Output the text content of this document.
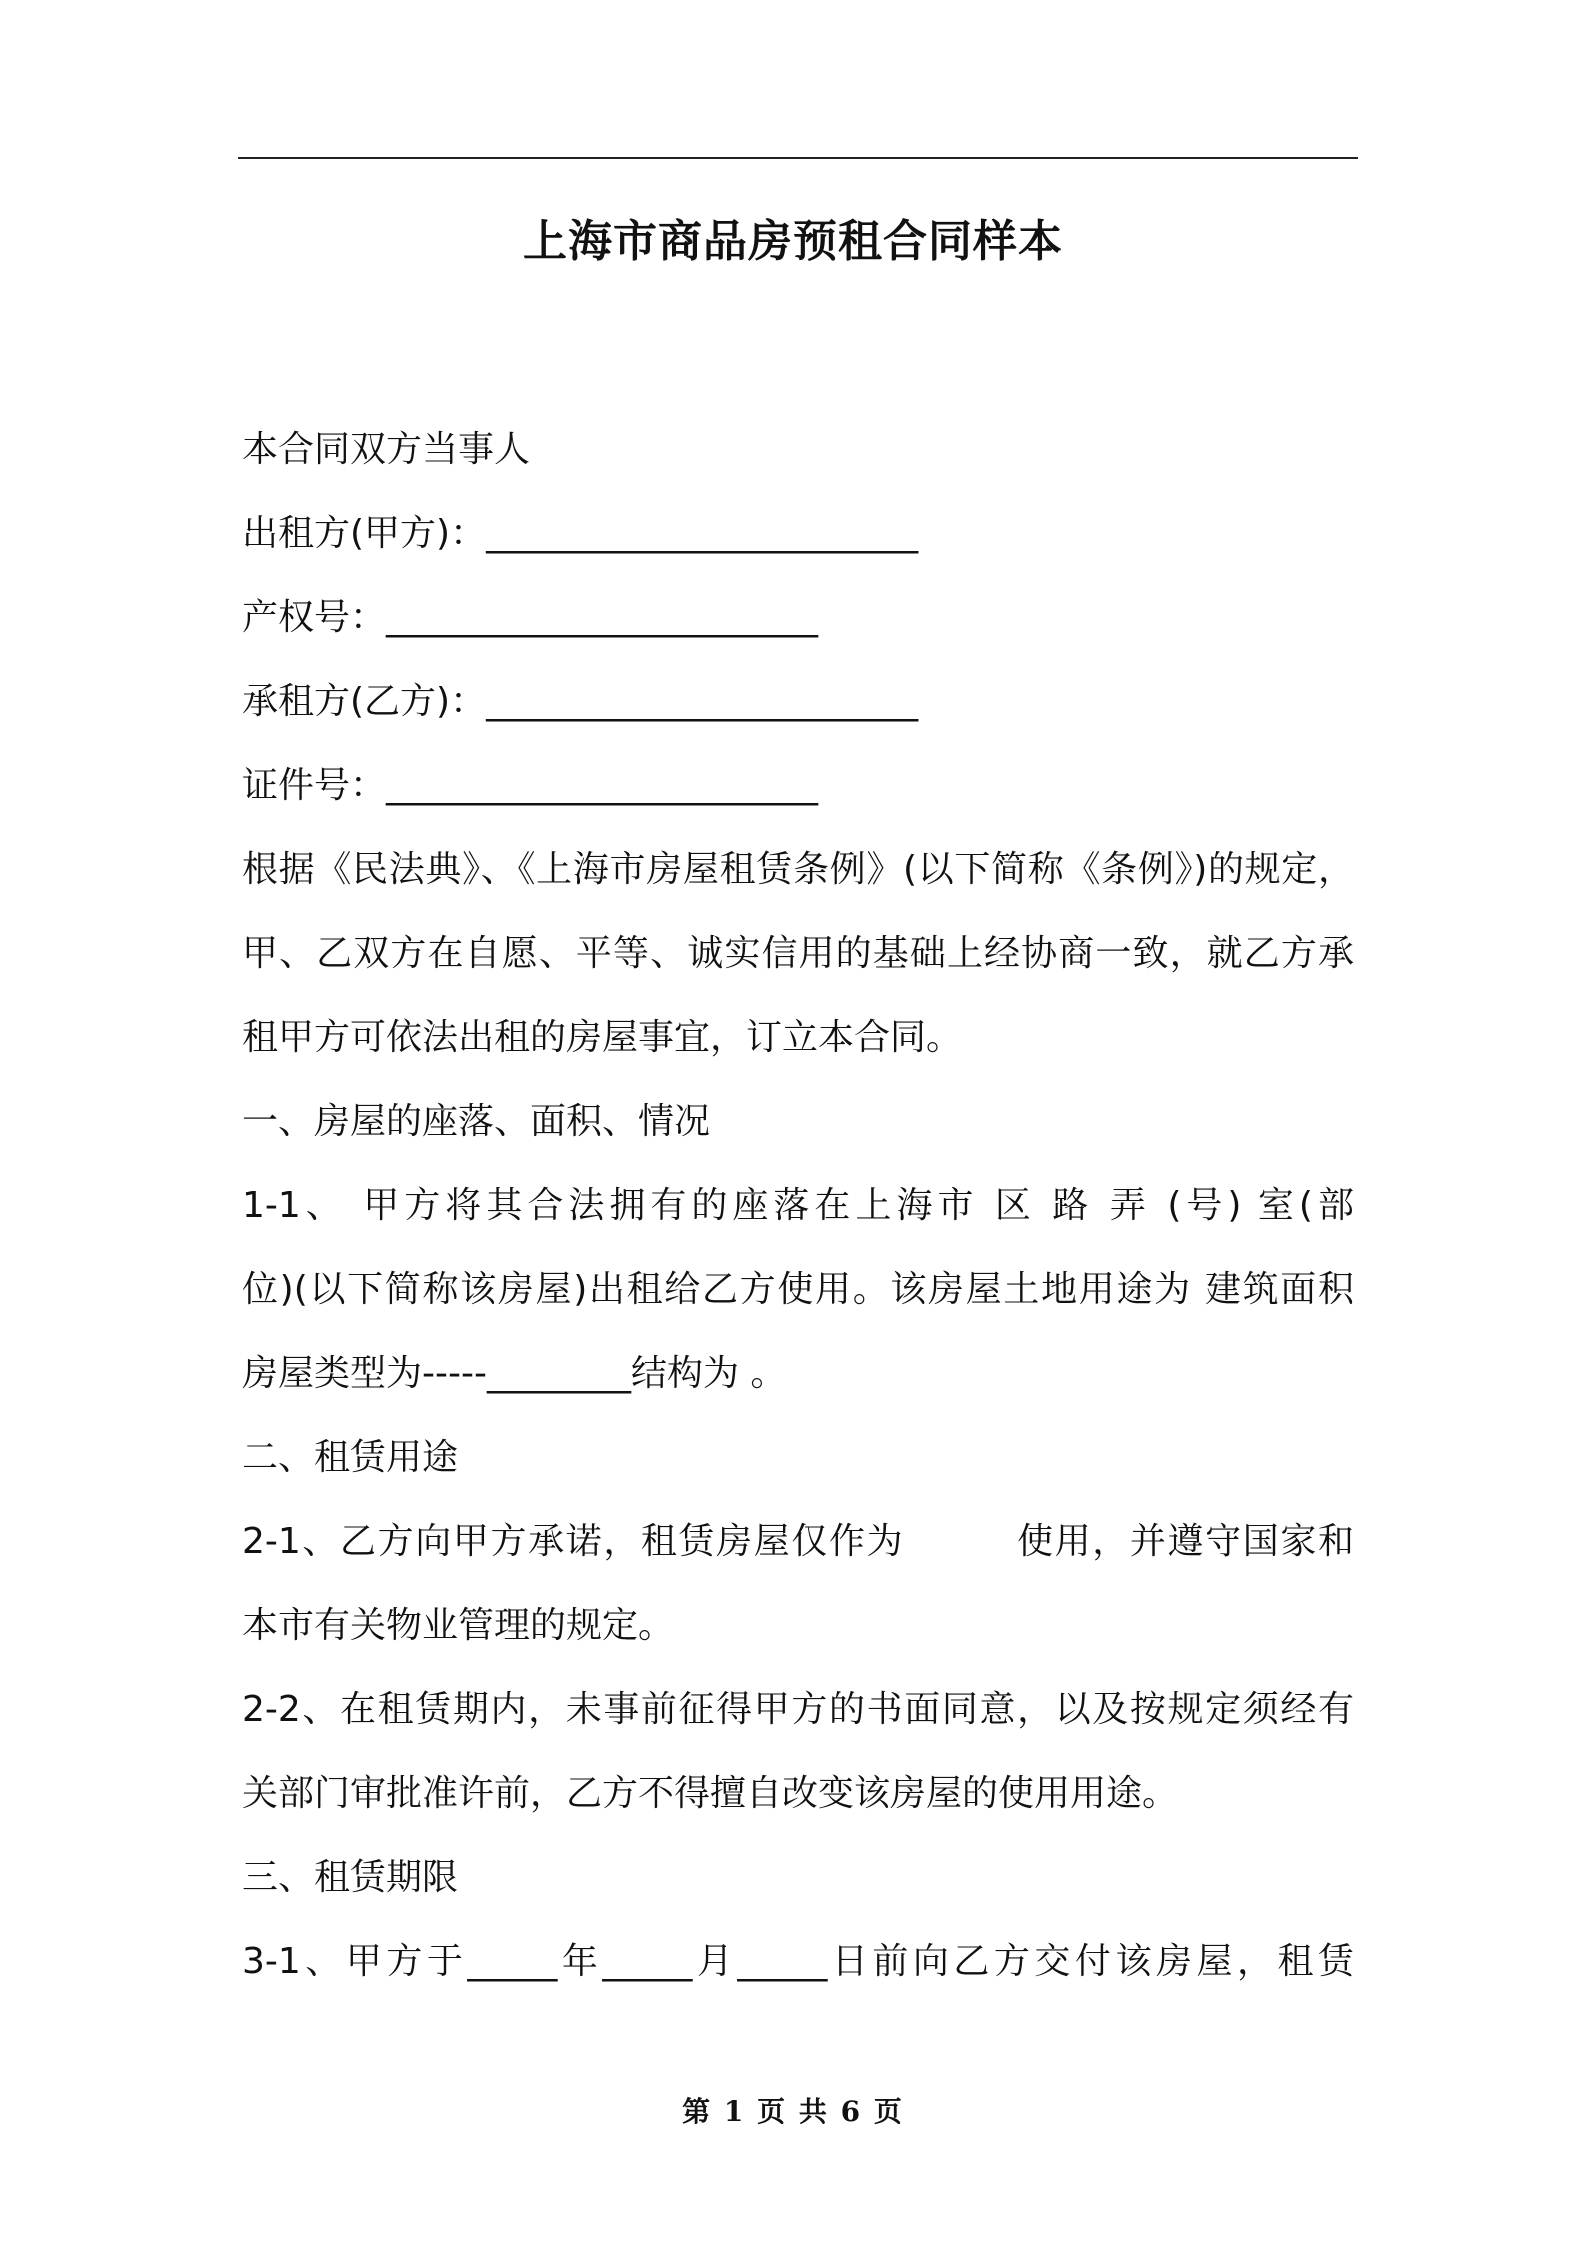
上海市商品房预租合同样本
本合同双方当事人
出租方(甲方)：________________________
产权号：________________________
承租方(乙方)：________________________
证件号：________________________
根据《民法典》、《上海市房屋租赁条例》(以下简称《条例》)的规定，
甲、乙双方在自愿、平等、诚实信用的基础上经协商一致，就乙方承
租甲方可依法出租的房屋事宜，订立本合同。
一、房屋的座落、面积、情况
1-1、 甲方将其合法拥有的座落在上海市 区 路 弄 (号) 室(部
位)(以下简称该房屋)出租给乙方使用。该房屋土地用途为 建筑面积
房屋类型为-----________结构为 。
二、租赁用途
2-1、乙方向甲方承诺，租赁房屋仅作为　　　使用，并遵守国家和
本市有关物业管理的规定。
2-2、在租赁期内，未事前征得甲方的书面同意，以及按规定须经有
关部门审批准许前，乙方不得擅自改变该房屋的使用用途。
三、租赁期限
3-1、甲方于_____年_____月_____日前向乙方交付该房屋，租赁
第 1 页 共 6 页
